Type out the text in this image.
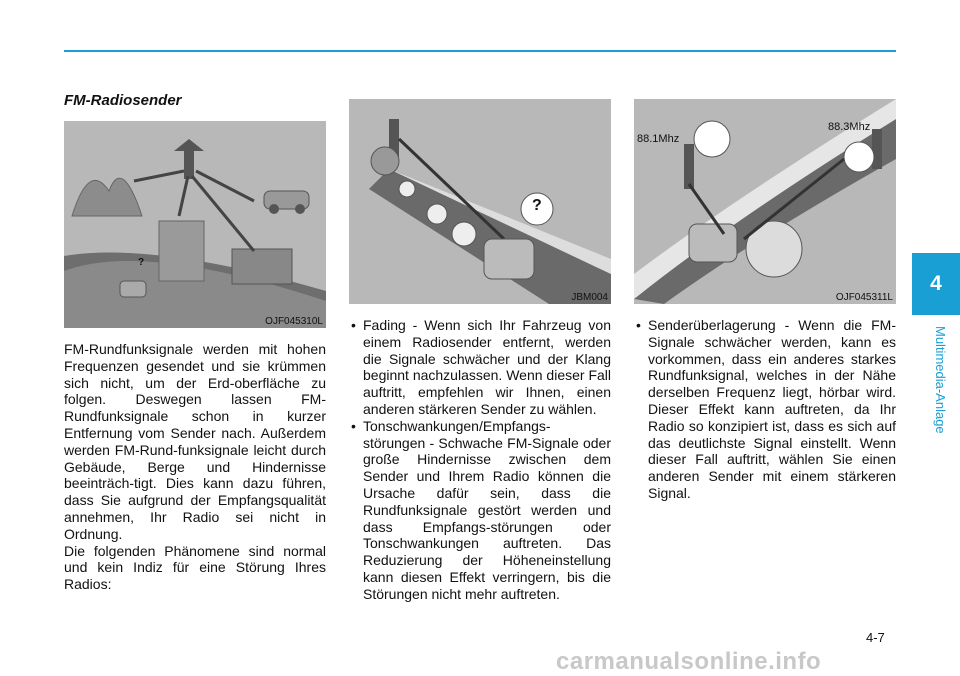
4
Multimedia-Anlage
FM-Radiosender
?
OJF045310L
?
JBM004
88.1Mhz
88.3Mhz
OJF045311L

FM-Rundfunksignale werden mit hohen Frequenzen gesendet und sie krümmen sich nicht, um der Erd-oberfläche zu folgen. Deswegen lassen FM-Rundfunksignale schon in kurzer Entfernung vom Sender nach. Außerdem werden FM-Rund-funksignale leicht durch Gebäude, Berge und Hindernisse beeinträch-tigt. Dies kann dazu führen, dass Sie aufgrund der Empfangsqualität annehmen, Ihr Radio sei nicht in Ordnung.

Die folgenden Phänomene sind normal und kein Indiz für eine Störung Ihres Radios:

• Fading - Wenn sich Ihr Fahrzeug von einem Radiosender entfernt, werden die Signale schwächer und der Klang beginnt nachzulassen. Wenn dieser Fall auftritt, empfehlen wir Ihnen, einen anderen stärkeren Sender zu wählen.

• Tonschwankungen/Empfangs-störungen - Schwache FM-Signale oder große Hindernisse zwischen dem Sender und Ihrem Radio können die Ursache dafür sein, dass die Rundfunksignale gestört werden und dass Empfangs-störungen oder Tonschwankungen auftreten. Das Reduzierung der Höheneinstellung kann diesen Effekt verringern, bis die Störungen nicht mehr auftreten.

• Senderüberlagerung - Wenn die FM-Signale schwächer werden, kann es vorkommen, dass ein anderes starkes Rundfunksignal, welches in der Nähe derselben Frequenz liegt, hörbar wird. Dieser Effekt kann auftreten, da Ihr Radio so konzipiert ist, dass es sich auf das deutlichste Signal einstellt. Wenn dieser Fall auftritt, wählen Sie einen anderen Sender mit einem stärkeren Signal.

4-7
carmanualsonline.info
